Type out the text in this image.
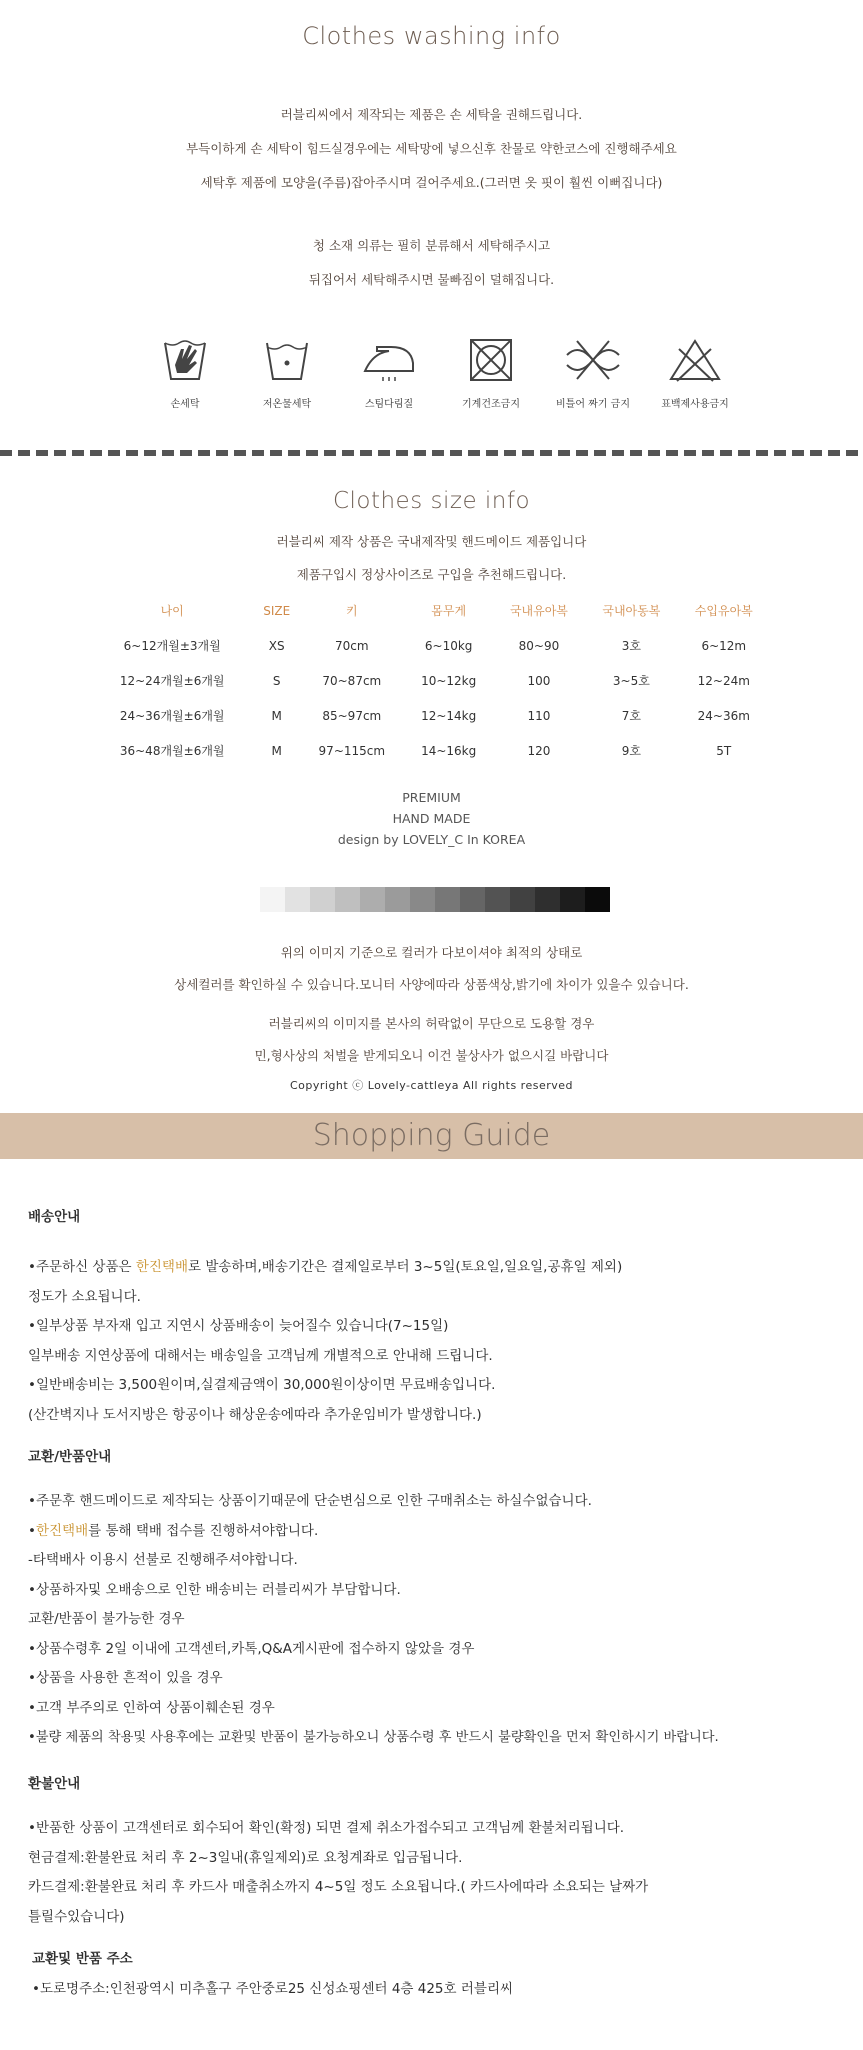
Clothes washing info
러블리씨에서 제작되는 제품은 손 세탁을 권해드립니다.
부득이하게 손 세탁이 힘드실경우에는 세탁망에 넣으신후 찬물로 약한코스에 진행해주세요
세탁후 제품에 모양을(주름)잡아주시며 걸어주세요.(그러면 옷 핏이 훨씬 이뻐집니다)
청 소재 의류는 필히 분류해서 세탁해주시고
뒤집어서 세탁해주시면 물빠짐이 덜해집니다.
손세탁	저온물세탁	스팀다림질	기계건조금지	비틀어 짜기 금지	표백제사용금지
Clothes size info
러블리씨 제작 상품은 국내제작및 핸드메이드 제품입니다
제품구입시 정상사이즈로 구입을 추천해드립니다.
나이	SIZE	키	몸무게	국내유아복	국내아동복	수입유아복
6~12개월±3개월	XS	70cm	6~10kg	80~90	3호	6~12m
12~24개월±6개월	S	70~87cm	10~12kg	100	3~5호	12~24m
24~36개월±6개월	M	85~97cm	12~14kg	110	7호	24~36m
36~48개월±6개월	M	97~115cm	14~16kg	120	9호	5T
PREMIUM
HAND MADE
design by LOVELY_C In KOREA
위의 이미지 기준으로 컬러가 다보이셔야 최적의 상태로
상세컬러를 확인하실 수 있습니다.모니터 사양에따라 상품색상,밝기에 차이가 있을수 있습니다.
러블리씨의 이미지를 본사의 허락없이 무단으로 도용할 경우
민,형사상의 처벌을 받게되오니 이건 불상사가 없으시길 바랍니다
Copyright ⓒ Lovely-cattleya All rights reserved
Shopping Guide
배송안내
•주문하신 상품은 한진택배로 발송하며,배송기간은 결제일로부터 3~5일(토요일,일요일,공휴일 제외)
정도가 소요됩니다.
•일부상품 부자재 입고 지연시 상품배송이 늦어질수 있습니다(7~15일)
일부배송 지연상품에 대해서는 배송일을 고객님께 개별적으로 안내해 드립니다.
•일반배송비는 3,500원이며,실결제금액이 30,000원이상이면 무료배송입니다.
(산간벽지나 도서지방은 항공이나 해상운송에따라 추가운임비가 발생합니다.)
교환/반품안내
•주문후 핸드메이드로 제작되는 상품이기때문에 단순변심으로 인한 구매취소는 하실수없습니다.
•한진택배를 통해 택배 접수를 진행하셔야합니다.
-타택배사 이용시 선불로 진행해주셔야합니다.
•상품하자및 오배송으로 인한 배송비는 러블리씨가 부담합니다.
교환/반품이 불가능한 경우
•상품수령후 2일 이내에 고객센터,카톡,Q&A게시판에 접수하지 않았을 경우
•상품을 사용한 흔적이 있을 경우
•고객 부주의로 인하여 상품이훼손된 경우
•불량 제품의 착용및 사용후에는 교환및 반품이 불가능하오니 상품수령 후 반드시 불량확인을 먼저 확인하시기 바랍니다.
환불안내
•반품한 상품이 고객센터로 회수되어 확인(확정) 되면 결제 취소가접수되고 고객님께 환불처리됩니다.
현금결제:환불완료 처리 후 2~3일내(휴일제외)로 요청계좌로 입금됩니다.
카드결제:환불완료 처리 후 카드사 매출취소까지 4~5일 정도 소요됩니다.( 카드사에따라 소요되는 날짜가
틀릴수있습니다)
교환및 반품 주소
•도로명주소:인천광역시 미추홀구 주안중로25 신성쇼핑센터 4층 425호 러블리씨
